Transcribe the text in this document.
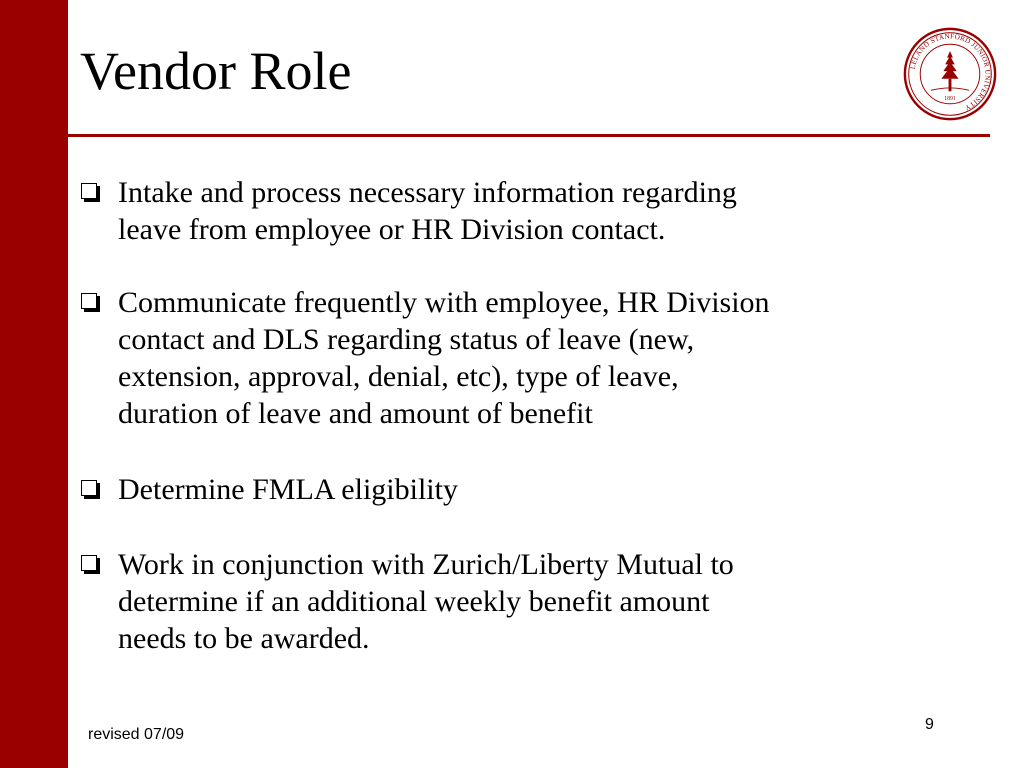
Vendor Role	LELAND STANFORD JUNIOR UNIVERSITY
1891
Intake and process necessary information regarding
leave from employee or HR Division contact.
Communicate frequently with employee, HR Division
contact and DLS regarding status of leave (new,
extension, approval, denial, etc), type of leave,
duration of leave and amount of benefit
Determine FMLA eligibility
Work in conjunction with Zurich/Liberty Mutual to
determine if an additional weekly benefit amount
needs to be awarded.
revised 07/09
9
